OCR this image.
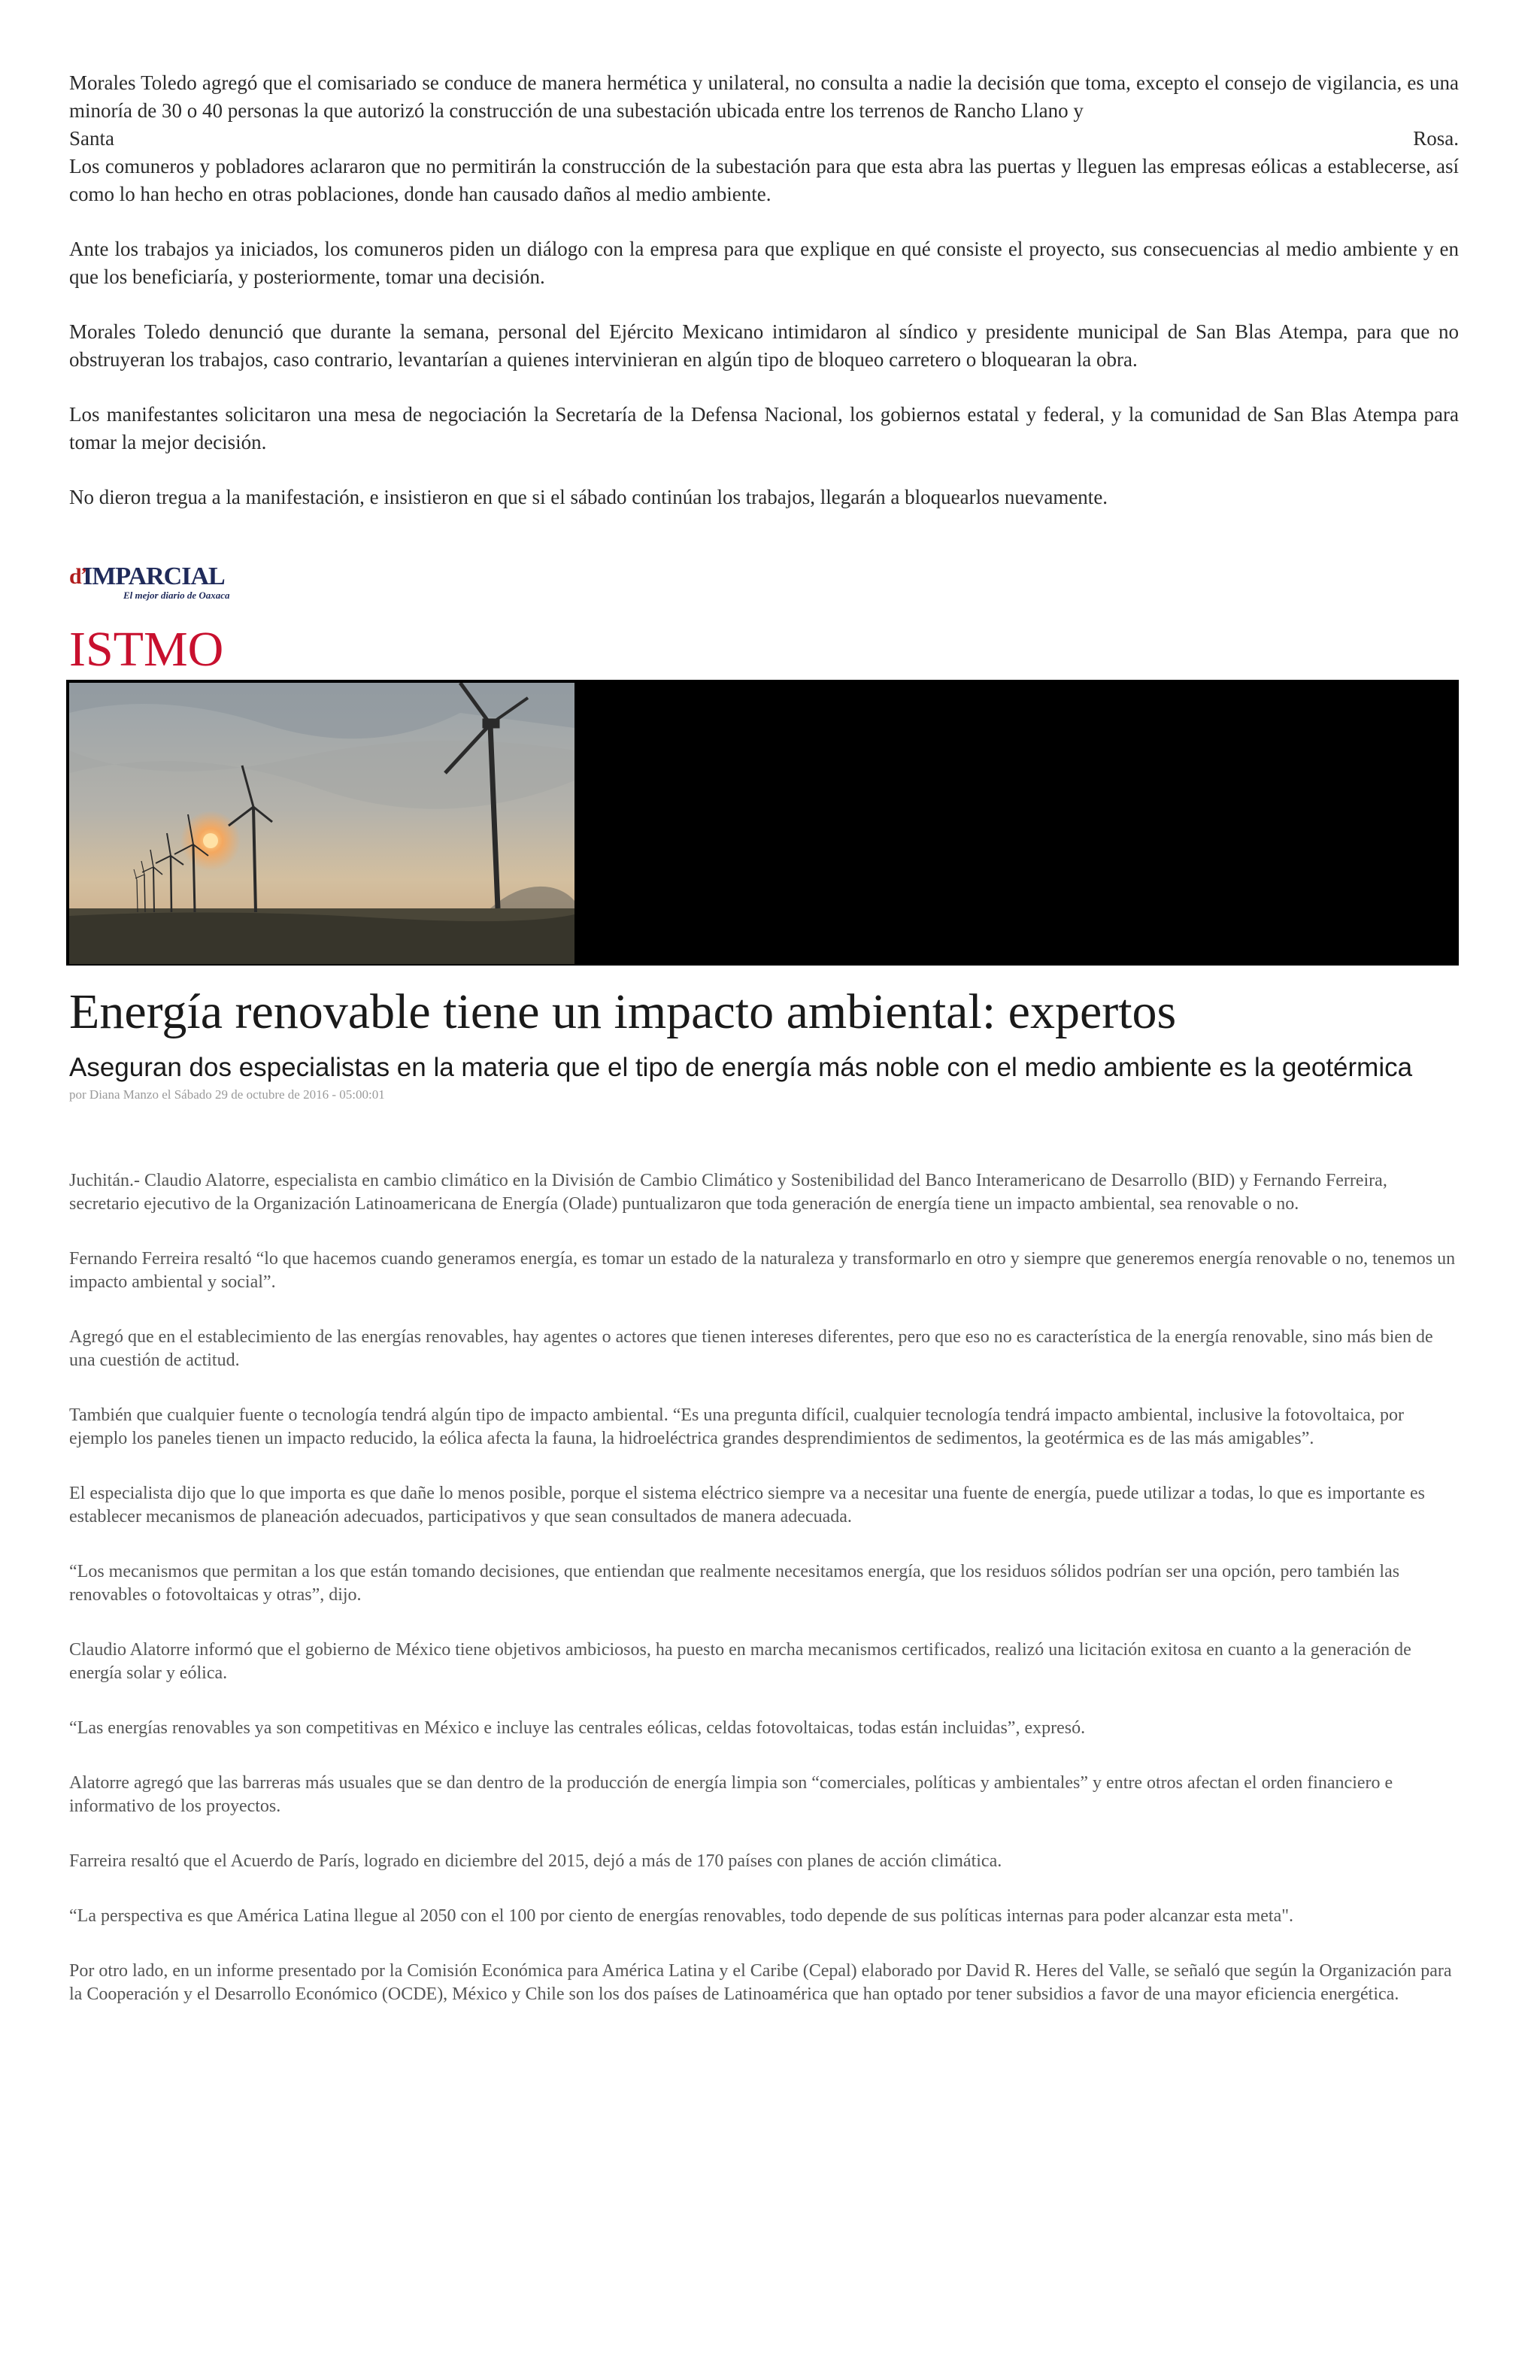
Morales Toledo agregó que el comisariado se conduce de manera hermética y unilateral, no consulta a nadie la decisión que toma, excepto el consejo de vigilancia, es una minoría de 30 o 40 personas la que autorizó la construcción de una subestación ubicada entre los terrenos de Rancho Llano y

Santa	Rosa.

Los comuneros y pobladores aclararon que no permitirán la construcción de la subestación para que esta abra las puertas y lleguen las empresas eólicas a establecerse, así como lo han hecho en otras poblaciones, donde han causado daños al medio ambiente.

Ante los trabajos ya iniciados, los comuneros piden un diálogo con la empresa para que explique en qué consiste el proyecto, sus consecuencias al medio ambiente y en que los beneficiaría, y posteriormente, tomar una decisión.

Morales Toledo denunció que durante la semana, personal del Ejército Mexicano intimidaron al síndico y presidente municipal de San Blas Atempa, para que no obstruyeran los trabajos, caso contrario, levantarían a quienes intervinieran en algún tipo de bloqueo carretero o bloquearan la obra.

Los manifestantes solicitaron una mesa de negociación la Secretaría de la Defensa Nacional, los gobiernos estatal y federal, y la comunidad de San Blas Atempa para tomar la mejor decisión.

No dieron tregua a la manifestación, e insistieron en que si el sábado continúan los trabajos, llegarán a bloquearlos nuevamente.

ď
IMPARCIAL
El mejor diario de Oaxaca
ISTMO
Energía renovable tiene un impacto ambiental: expertos
Aseguran dos especialistas en la materia que el tipo de energía más noble con el medio ambiente es la geotérmica
por Diana Manzo el Sábado 29 de octubre de 2016 - 05:00:01

Juchitán.- Claudio Alatorre, especialista en cambio climático en la División de Cambio Climático y Sostenibilidad del Banco Interamericano de Desarrollo (BID) y Fernando Ferreira, secretario ejecutivo de la Organización Latinoamericana de Energía (Olade) puntualizaron que toda generación de energía tiene un impacto ambiental, sea renovable o no.

Fernando Ferreira resaltó “lo que hacemos cuando generamos energía, es tomar un estado de la naturaleza y transformarlo en otro y siempre que generemos energía renovable o no, tenemos un impacto ambiental y social”.

Agregó que en el establecimiento de las energías renovables, hay agentes o actores que tienen intereses diferentes, pero que eso no es característica de la energía renovable, sino más bien de una cuestión de actitud.

También que cualquier fuente o tecnología tendrá algún tipo de impacto ambiental. “Es una pregunta difícil, cualquier tecnología tendrá impacto ambiental, inclusive la fotovoltaica, por ejemplo los paneles tienen un impacto reducido, la eólica afecta la fauna, la hidroeléctrica grandes desprendimientos de sedimentos, la geotérmica es de las más amigables”.

El especialista dijo que lo que importa es que dañe lo menos posible, porque el sistema eléctrico siempre va a necesitar una fuente de energía, puede utilizar a todas, lo que es importante es establecer mecanismos de planeación adecuados, participativos y que sean consultados de manera adecuada.

“Los mecanismos que permitan a los que están tomando decisiones, que entiendan que realmente necesitamos energía, que los residuos sólidos podrían ser una opción, pero también las renovables o fotovoltaicas y otras”, dijo.

Claudio Alatorre informó que el gobierno de México tiene objetivos ambiciosos, ha puesto en marcha mecanismos certificados, realizó una licitación exitosa en cuanto a la generación de energía solar y eólica.

“Las energías renovables ya son competitivas en México e incluye las centrales eólicas, celdas fotovoltaicas, todas están incluidas”, expresó.

Alatorre agregó que las barreras más usuales que se dan dentro de la producción de energía limpia son “comerciales, políticas y ambientales” y entre otros afectan el orden financiero e informativo de los proyectos.

Farreira resaltó que el Acuerdo de París, logrado en diciembre del 2015, dejó a más de 170 países con planes de acción climática.

“La perspectiva es que América Latina llegue al 2050 con el 100 por ciento de energías renovables, todo depende de sus políticas internas para poder alcanzar esta meta".

Por otro lado, en un informe presentado por la Comisión Económica para América Latina y el Caribe (Cepal) elaborado por David R. Heres del Valle, se señaló que según la Organización para la Cooperación y el Desarrollo Económico (OCDE), México y Chile son los dos países de Latinoamérica que han optado por tener subsidios a favor de una mayor eficiencia energética.
